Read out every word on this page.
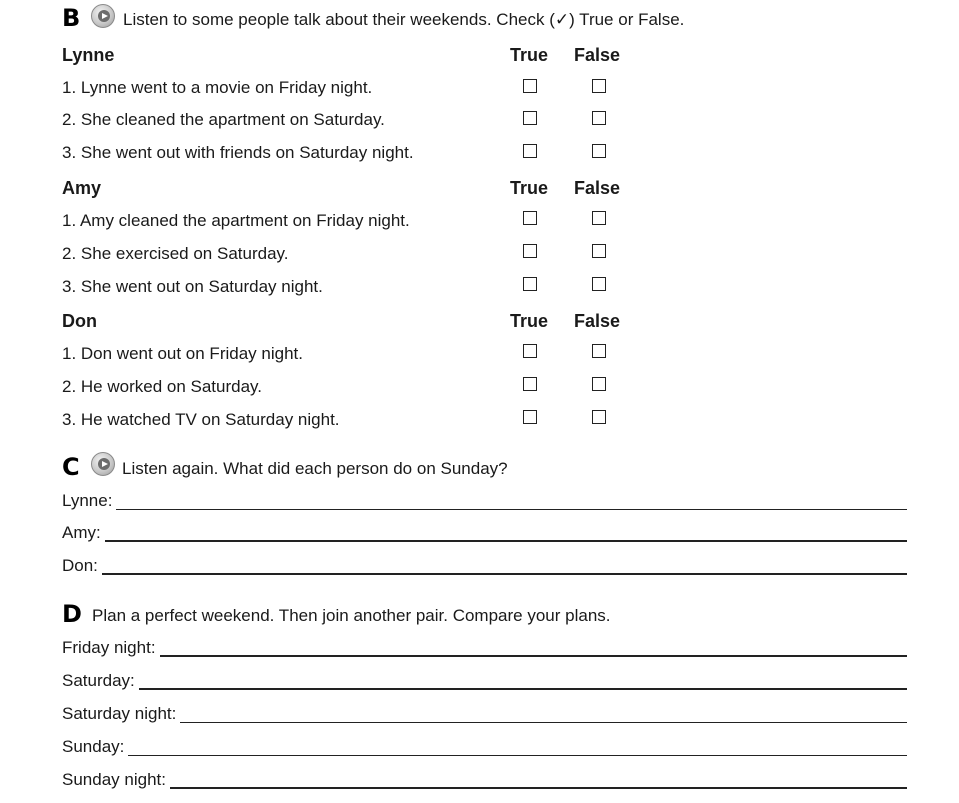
B	Listen to some people talk about their weekends. Check (✓) True or False.
Lynne	True False
1. Lynne went to a movie on Friday night.
2. She cleaned the apartment on Saturday.
3. She went out with friends on Saturday night.
Amy	True False
1. Amy cleaned the apartment on Friday night.
2. She exercised on Saturday.
3. She went out on Saturday night.
Don	True False
1. Don went out on Friday night.
2. He worked on Saturday.
3. He watched TV on Saturday night.
C Listen again. What did each person do on Sunday?
Lynne:
Amy:
Don:
D Plan a perfect weekend. Then join another pair. Compare your plans.
Friday night:
Saturday:
Saturday night:
Sunday:
Sunday night:
